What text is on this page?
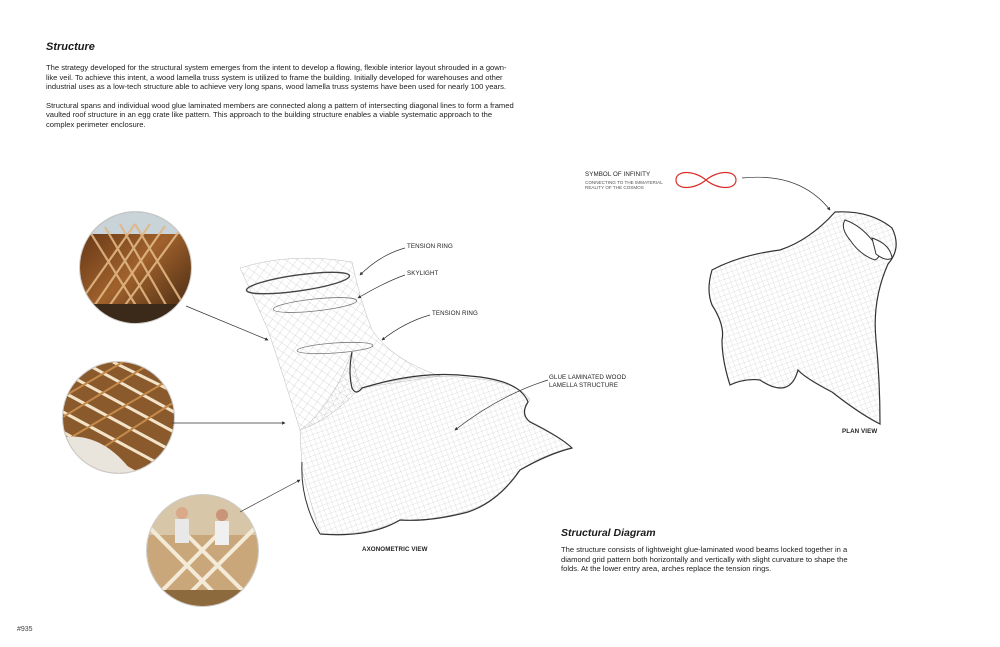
Structure

The strategy developed for the structural system emerges from the intent to develop a flowing, flexible interior layout shrouded in a gown-like veil. To achieve this intent, a wood lamella truss system is utilized to frame the building. Initially developed for warehouses and other industrial uses as a low-tech structure able to achieve very long spans, wood lamella truss systems have been used for nearly 100 years.

Structural spans and individual wood glue laminated members are connected along a pattern of intersecting diagonal lines to form a framed vaulted roof structure in an egg crate like pattern. This approach to the building structure enables a viable systematic approach to the complex perimeter enclosure.

TENSION RING
SKYLIGHT
TENSION RING
GLUE LAMINATED WOOD
LAMELLA STRUCTURE
AXONOMETRIC VIEW
PLAN VIEW
SYMBOL OF INFINITY
CONNECTING TO THE IMMATERIAL
REALITY OF THE COSMOS
Structural Diagram

The structure consists of lightweight glue-laminated wood beams locked together in a diamond grid pattern both horizontally and vertically with slight curvature to shape the folds. At the lower entry area, arches replace the tension rings.

#935
